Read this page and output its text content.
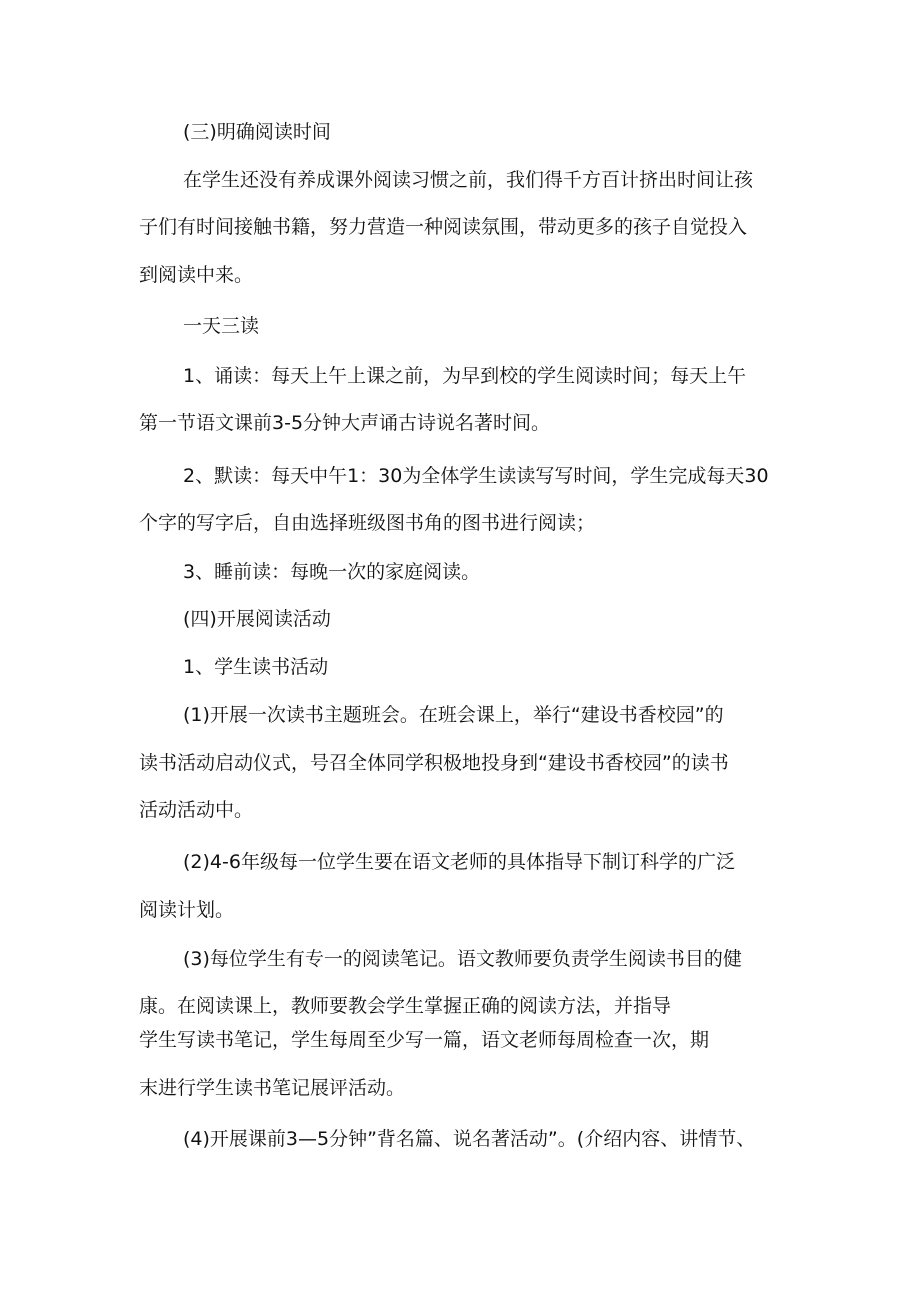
(三)明确阅读时间

在学生还没有养成课外阅读习惯之前，我们得千方百计挤出时间让孩

子们有时间接触书籍，努力营造一种阅读氛围，带动更多的孩子自觉投入

到阅读中来。

一天三读

1、诵读：每天上午上课之前，为早到校的学生阅读时间；每天上午

第一节语文课前3-5分钟大声诵古诗说名著时间。

2、默读：每天中午1：30为全体学生读读写写时间，学生完成每天30

个字的写字后，自由选择班级图书角的图书进行阅读；

3、睡前读：每晚一次的家庭阅读。

(四)开展阅读活动

1、学生读书活动

(1)开展一次读书主题班会。在班会课上，举行“建设书香校园”的

读书活动启动仪式，号召全体同学积极地投身到“建设书香校园”的读书

活动活动中。

(2)4-6年级每一位学生要在语文老师的具体指导下制订科学的广泛

阅读计划。

(3)每位学生有专一的阅读笔记。语文教师要负责学生阅读书目的健

康。在阅读课上，教师要教会学生掌握正确的阅读方法，并指导

学生写读书笔记，学生每周至少写一篇，语文老师每周检查一次，期

末进行学生读书笔记展评活动。

(4)开展课前3—5分钟”背名篇、说名著活动”。(介绍内容、讲情节、
